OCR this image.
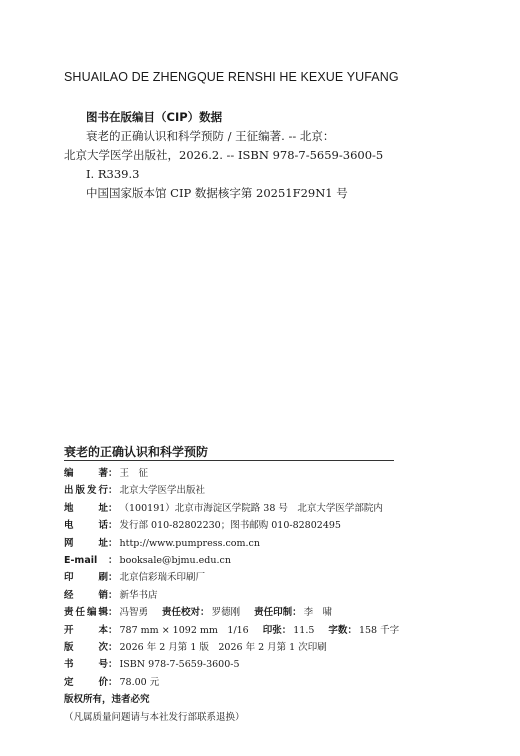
SHUAILAO DE ZHENGQUE RENSHI HE KEXUE YUFANG
图书在版编目（CIP）数据
衰老的正确认识和科学预防 / 王征编著. -- 北京：
北京大学医学出版社，2026.2. -- ISBN 978-7-5659-3600-5
Ⅰ. R339.3
中国国家版本馆 CIP 数据核字第 20251F29N1 号
衰老的正确认识和科学预防
编　　著 ： 王　征
出版发行 ： 北京大学医学出版社
地　　址 ： （100191）北京市海淀区学院路 38 号　北京大学医学部院内
电　　话 ： 发行部 010-82802230；图书邮购 010-82802495
网　　址 ： http://www.pumpress.com.cn
E-mail	： booksale@bjmu.edu.cn
印　　刷 ： 北京信彩瑞禾印刷厂
经　　销 ： 新华书店
责任编辑 ： 冯智勇 责任校对 ： 罗德刚 责任印制 ： 李　啸
开　　本 ： 787 mm × 1092 mm　1/16 印张 ： 11.5 字数 ： 158 千字
版　　次 ： 2026 年 2 月第 1 版　2026 年 2 月第 1 次印刷
书　　号 ： ISBN 978-7-5659-3600-5
定　　价 ： 78.00 元
版权所有，违者必究
（凡属质量问题请与本社发行部联系退换）
